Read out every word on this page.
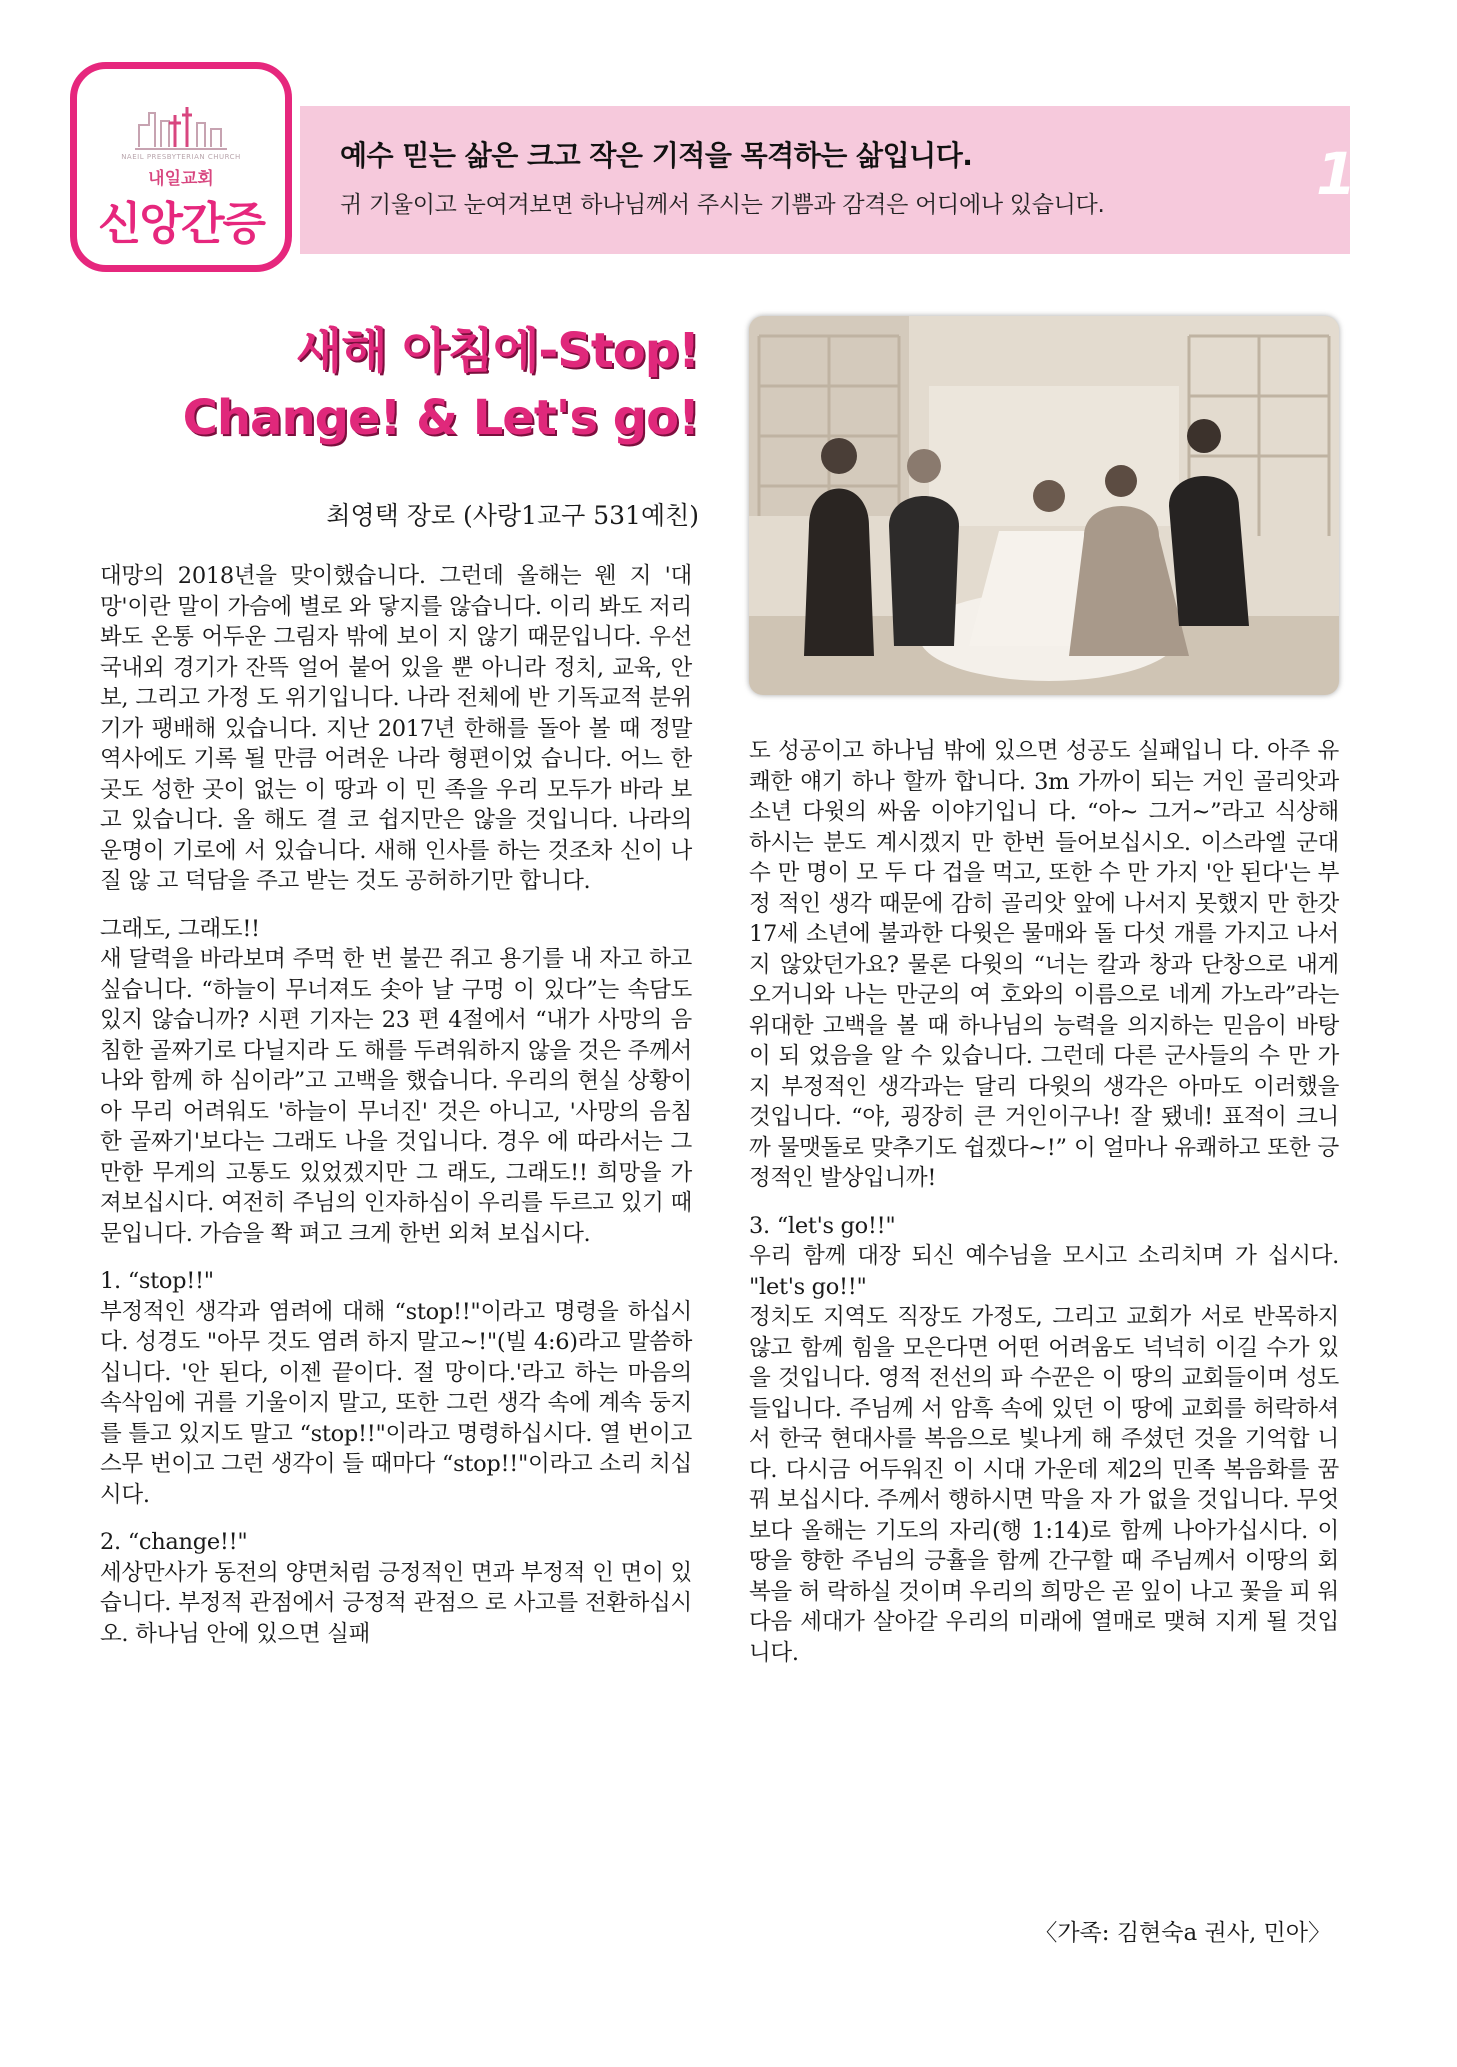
NAEIL PRESBYTERIAN CHURCH
내일교회
신앙간증
예수 믿는 삶은 크고 작은 기적을 목격하는 삶입니다.
귀 기울이고 눈여겨보면 하나님께서 주시는 기쁨과 감격은 어디에나 있습니다.	11
새해 아침에-Stop!
Change! & Let's go!
최영택 장로 (사랑1교구 531예친)

대망의 2018년을 맞이했습니다. 그런데 올해는 웬 지 '대망'이란 말이 가슴에 별로 와 닿지를 않습니다. 이리 봐도 저리 봐도 온통 어두운 그림자 밖에 보이 지 않기 때문입니다. 우선 국내외 경기가 잔뜩 얼어 붙어 있을 뿐 아니라 정치, 교육, 안보, 그리고 가정 도 위기입니다. 나라 전체에 반 기독교적 분위기가 팽배해 있습니다. 지난 2017년 한해를 돌아 볼 때 정말 역사에도 기록 될 만큼 어려운 나라 형편이었 습니다. 어느 한 곳도 성한 곳이 없는 이 땅과 이 민 족을 우리 모두가 바라 보고 있습니다. 올 해도 결 코 쉽지만은 않을 것입니다. 나라의 운명이 기로에 서 있습니다. 새해 인사를 하는 것조차 신이 나질 않 고 덕담을 주고 받는 것도 공허하기만 합니다.

그래도, 그래도!!
새 달력을 바라보며 주먹 한 번 불끈 쥐고 용기를 내 자고 하고 싶습니다. “하늘이 무너져도 솟아 날 구멍 이 있다”는 속담도 있지 않습니까? 시편 기자는 23 편 4절에서 “내가 사망의 음침한 골짜기로 다닐지라 도 해를 두려워하지 않을 것은 주께서 나와 함께 하 심이라”고 고백을 했습니다. 우리의 현실 상황이 아 무리 어려워도 '하늘이 무너진' 것은 아니고, '사망의 음침한 골짜기'보다는 그래도 나을 것입니다. 경우 에 따라서는 그만한 무게의 고통도 있었겠지만 그 래도, 그래도!! 희망을 가져보십시다. 여전히 주님의 인자하심이 우리를 두르고 있기 때문입니다. 가슴을 쫙 펴고 크게 한번 외쳐 보십시다.

1. “stop!!"
부정적인 생각과 염려에 대해 “stop!!"이라고 명령을 하십시다. 성경도 "아무 것도 염려 하지 말고~!"(빌 4:6)라고 말씀하십니다. '안 된다, 이젠 끝이다. 절 망이다.'라고 하는 마음의 속삭임에 귀를 기울이지 말고, 또한 그런 생각 속에 계속 둥지를 틀고 있지도 말고 “stop!!"이라고 명령하십시다. 열 번이고 스무 번이고 그런 생각이 들 때마다 “stop!!"이라고 소리 치십시다.

2. “change!!"
세상만사가 동전의 양면처럼 긍정적인 면과 부정적 인 면이 있습니다. 부정적 관점에서 긍정적 관점으 로 사고를 전환하십시오. 하나님 안에 있으면 실패

도 성공이고 하나님 밖에 있으면 성공도 실패입니 다. 아주 유쾌한 얘기 하나 할까 합니다. 3m 가까이 되는 거인 골리앗과 소년 다윗의 싸움 이야기입니 다. “아~ 그거~”라고 식상해 하시는 분도 계시겠지 만 한번 들어보십시오. 이스라엘 군대 수 만 명이 모 두 다 겁을 먹고, 또한 수 만 가지 '안 된다'는 부정 적인 생각 때문에 감히 골리앗 앞에 나서지 못했지 만 한갓 17세 소년에 불과한 다윗은 물매와 돌 다섯 개를 가지고 나서지 않았던가요? 물론 다윗의 “너는 칼과 창과 단창으로 내게 오거니와 나는 만군의 여 호와의 이름으로 네게 가노라”라는 위대한 고백을 볼 때 하나님의 능력을 의지하는 믿음이 바탕이 되 었음을 알 수 있습니다. 그런데 다른 군사들의 수 만 가지 부정적인 생각과는 달리 다윗의 생각은 아마도 이러했을 것입니다. “야, 굉장히 큰 거인이구나! 잘 됐네! 표적이 크니까 물맷돌로 맞추기도 쉽겠다~!” 이 얼마나 유쾌하고 또한 긍정적인 발상입니까!

3. “let's go!!"
우리 함께 대장 되신 예수님을 모시고 소리치며 가 십시다. "let's go!!"
정치도 지역도 직장도 가정도, 그리고 교회가 서로 반목하지 않고 함께 힘을 모은다면 어떤 어려움도 넉넉히 이길 수가 있을 것입니다. 영적 전선의 파 수꾼은 이 땅의 교회들이며 성도들입니다. 주님께 서 암흑 속에 있던 이 땅에 교회를 허락하셔서 한국 현대사를 복음으로 빛나게 해 주셨던 것을 기억합 니다. 다시금 어두워진 이 시대 가운데 제2의 민족 복음화를 꿈 꿔 보십시다. 주께서 행하시면 막을 자 가 없을 것입니다. 무엇 보다 올해는 기도의 자리(행 1:14)로 함께 나아가십시다. 이 땅을 향한 주님의 긍휼을 함께 간구할 때 주님께서 이땅의 회복을 허 락하실 것이며 우리의 희망은 곧 잎이 나고 꽃을 피 워 다음 세대가 살아갈 우리의 미래에 열매로 맺혀 지게 될 것입니다.

〈가족: 김현숙a 권사, 민아〉
